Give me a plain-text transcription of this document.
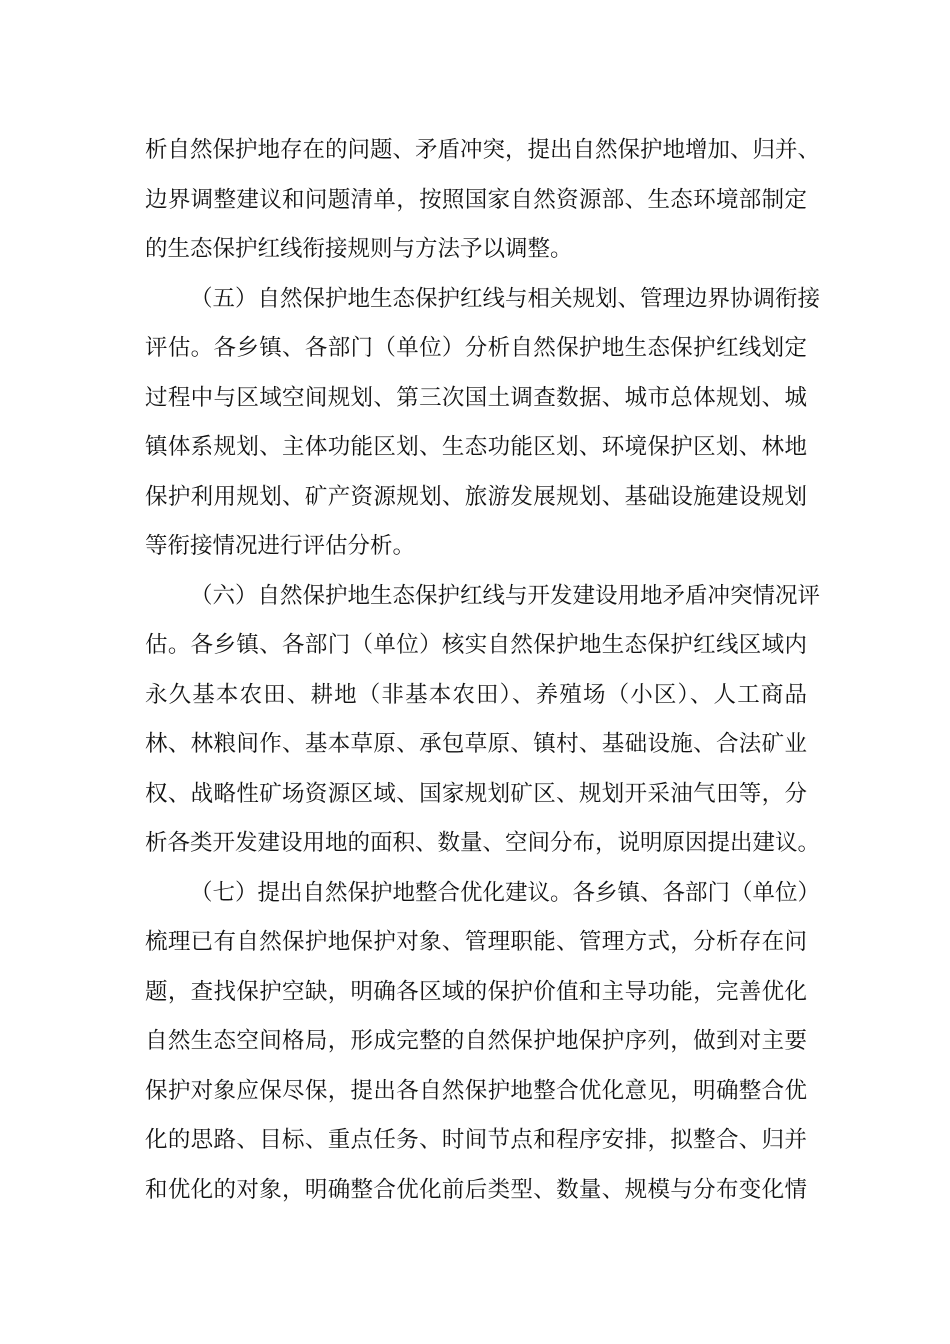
析自然保护地存在的问题、矛盾冲突，提出自然保护地增加、归并、
边界调整建议和问题清单，按照国家自然资源部、生态环境部制定
的生态保护红线衔接规则与方法予以调整。
（五）自然保护地生态保护红线与相关规划、管理边界协调衔接
评估。各乡镇、各部门（单位）分析自然保护地生态保护红线划定
过程中与区域空间规划、第三次国土调查数据、城市总体规划、城
镇体系规划、主体功能区划、生态功能区划、环境保护区划、林地
保护利用规划、矿产资源规划、旅游发展规划、基础设施建设规划
等衔接情况进行评估分析。
（六）自然保护地生态保护红线与开发建设用地矛盾冲突情况评
估。各乡镇、各部门（单位）核实自然保护地生态保护红线区域内
永久基本农田、耕地（非基本农田）、养殖场（小区）、人工商品
林、林粮间作、基本草原、承包草原、镇村、基础设施、合法矿业
权、战略性矿场资源区域、国家规划矿区、规划开采油气田等，分
析各类开发建设用地的面积、数量、空间分布，说明原因提出建议。
（七）提出自然保护地整合优化建议。各乡镇、各部门（单位）
梳理已有自然保护地保护对象、管理职能、管理方式，分析存在问
题，查找保护空缺，明确各区域的保护价值和主导功能，完善优化
自然生态空间格局，形成完整的自然保护地保护序列，做到对主要
保护对象应保尽保，提出各自然保护地整合优化意见，明确整合优
化的思路、目标、重点任务、时间节点和程序安排，拟整合、归并
和优化的对象，明确整合优化前后类型、数量、规模与分布变化情
